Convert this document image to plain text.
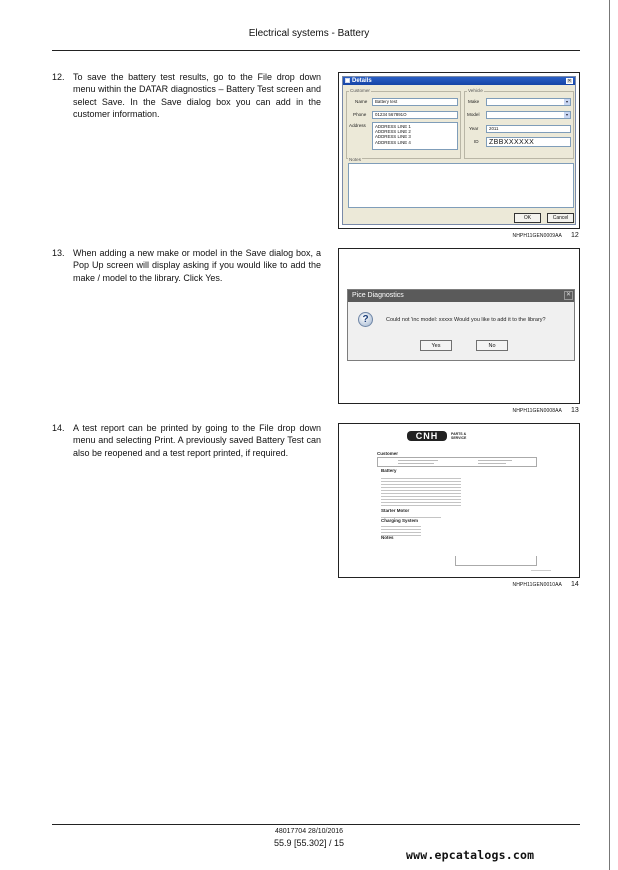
Electrical systems - Battery
12. To save the battery test results, go to the File drop down menu within the DATAR diagnostics – Battery Test screen and select Save. In the Save dialog box you can add in the customer information.
Details	✕
Customer
Name	Battery test
Phone	01234 567891O
Address ADDRESS LINE 1
ADDRESS LINE 2
ADDRESS LINE 3
ADDRESS LINE 4
Vehicle
Make	▾
Model	▾
Year	2011
ID	ZBBXXXXXX
Notes
OK	Cancel
NHPH11GEN0009AA 12
13. When adding a new make or model in the Save dialog box, a Pop Up screen will display asking if you would like to add the make / model to the library. Click Yes.
Pice Diagnostics	✕
?	Could not 'inc model: xxxxx Would you like to add it to the library?
Yes	No
NHPH11GEN0008AA 13
14. A test report can be printed by going to the File drop down menu and selecting Print. A previously saved Battery Test can also be reopened and a test report printed, if required.
CNH	PARTS & SERVICE
Customer
Battery
Starter Motor
Charging System
Notes
NHPH11GEN0010AA 14
48017704 28/10/2016
55.9 [55.302] / 15
www.epcatalogs.com
